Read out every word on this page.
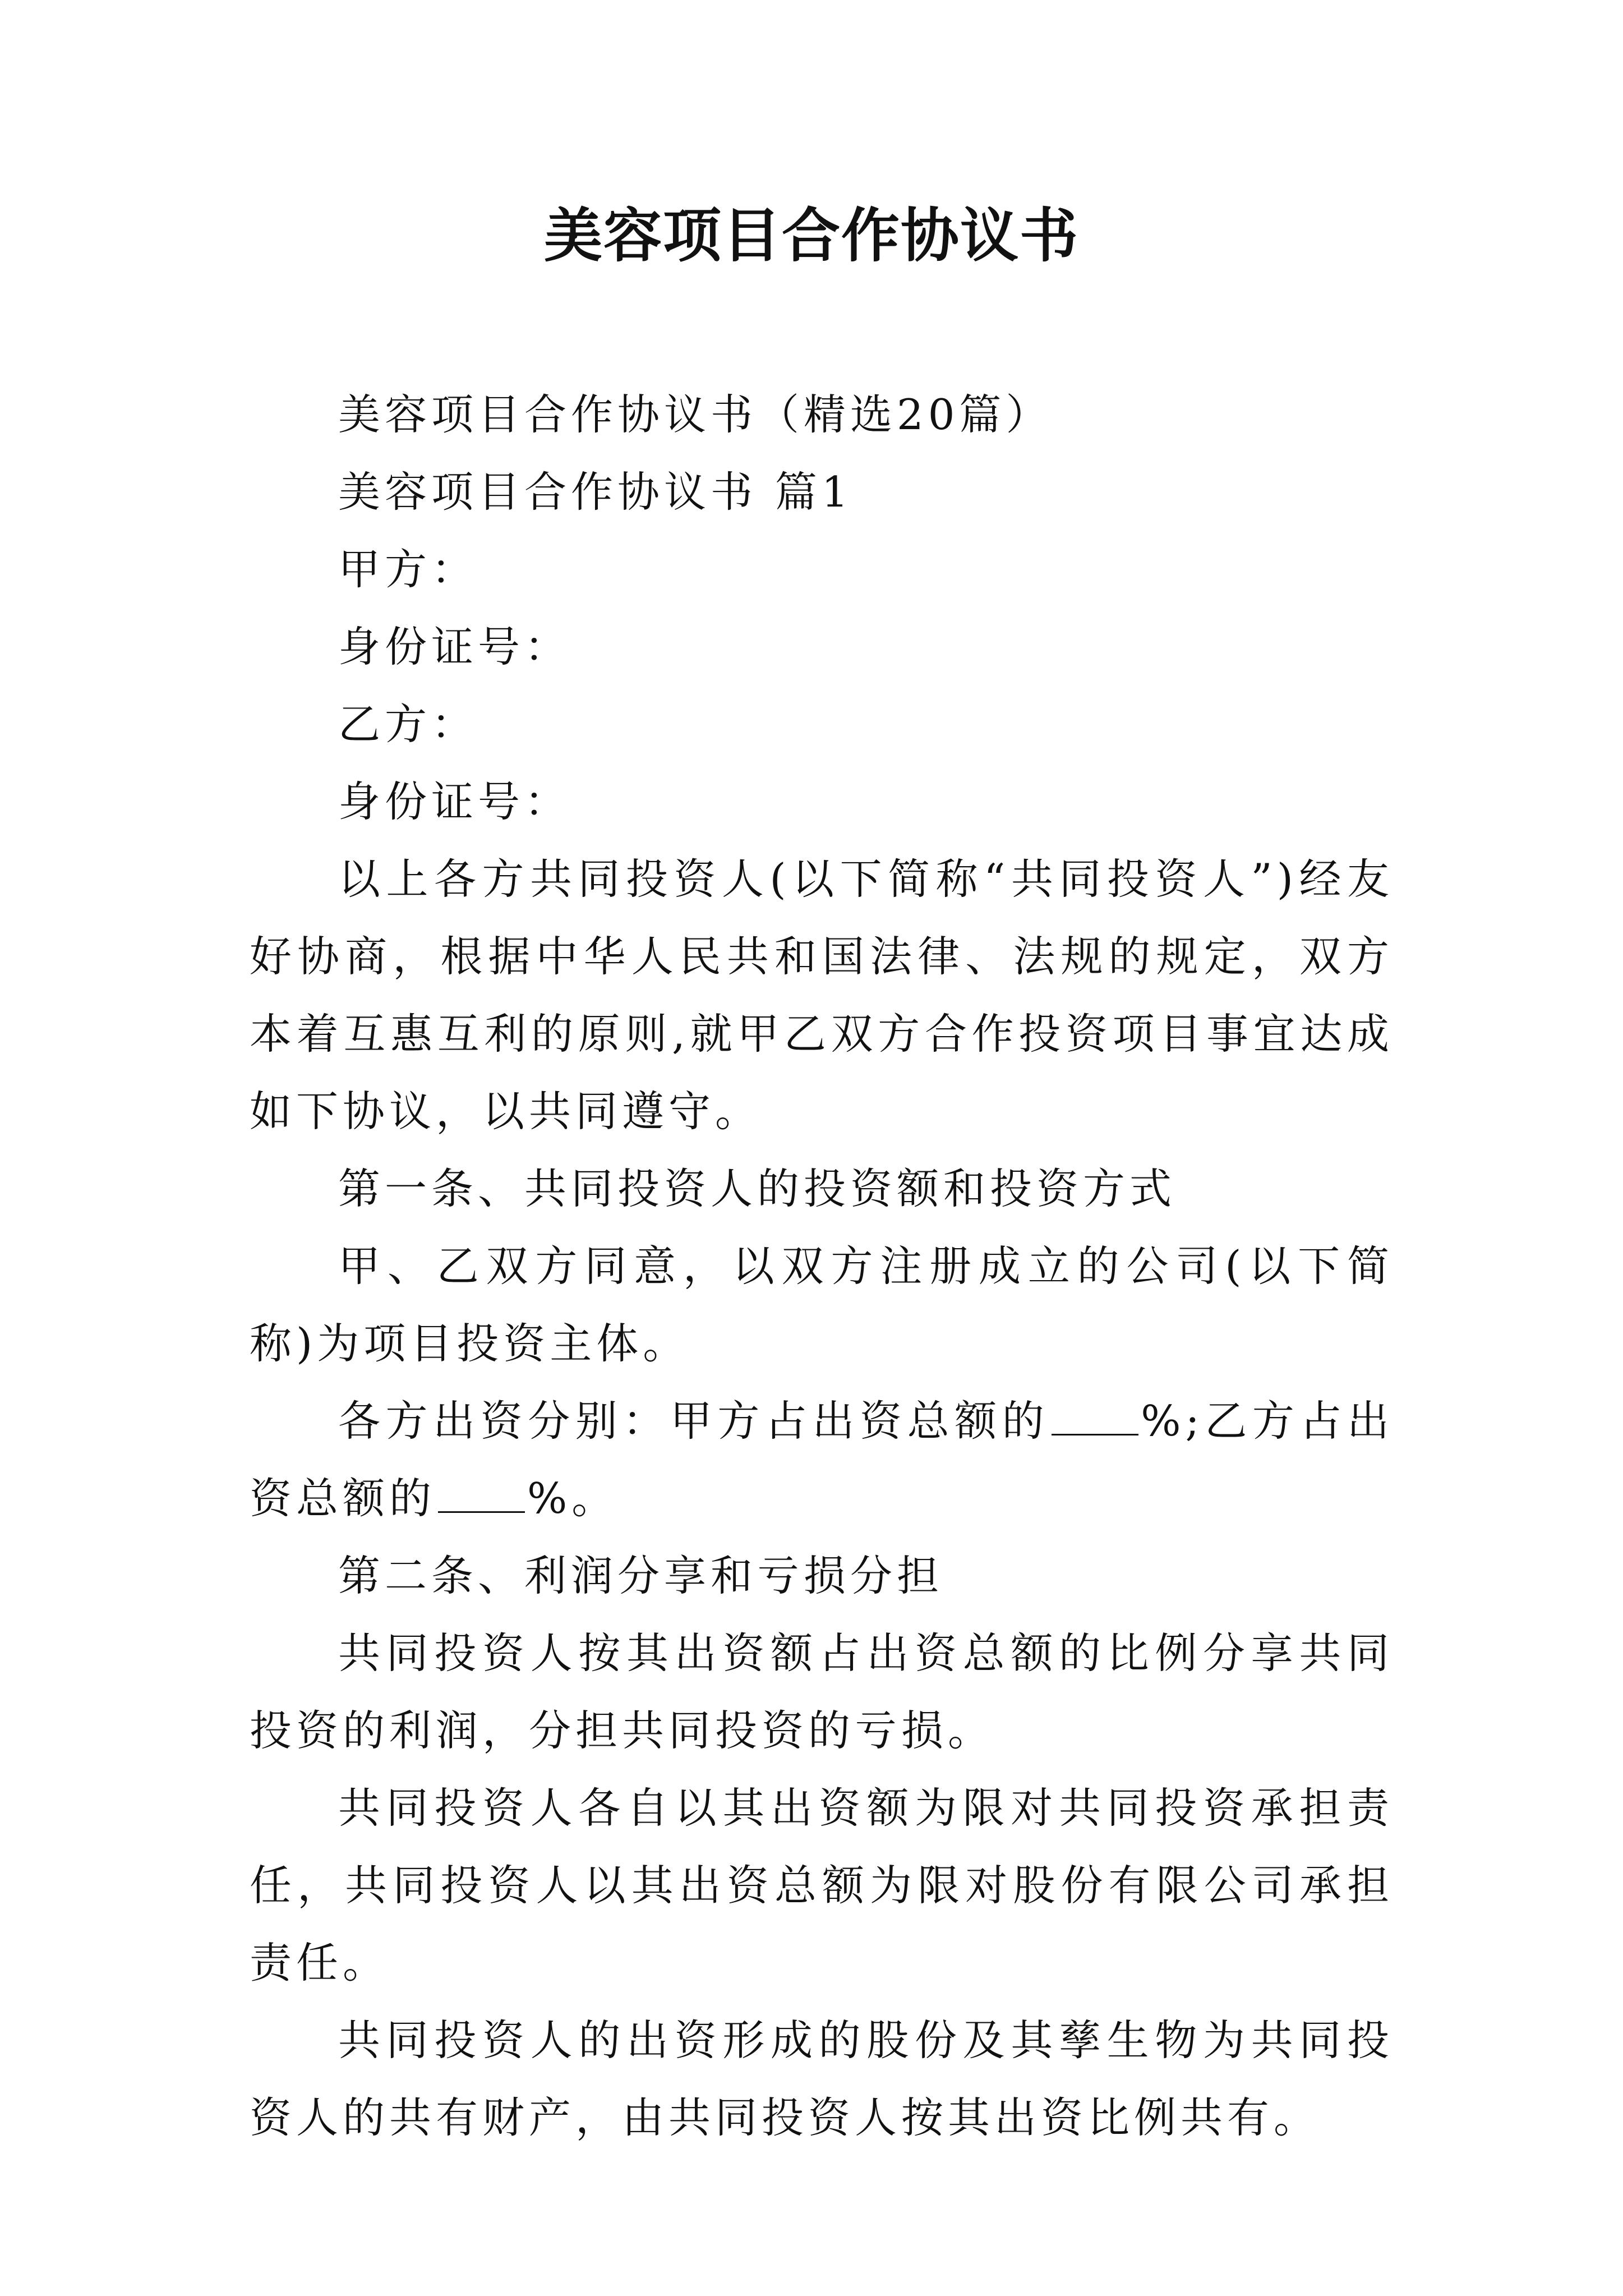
美容项目合作协议书

美容项目合作协议书（精选20篇）

美容项目合作协议书 篇1

甲方：

身份证号：

乙方：

身份证号：

以上各方共同投资人(以下简称“共同投资人”)经友好协商，根据中华人民共和国法律、法规的规定，双方本着互惠互利的原则,就甲乙双方合作投资项目事宜达成如下协议，以共同遵守。

第一条、共同投资人的投资额和投资方式

甲、乙双方同意，以双方注册成立的公司(以下简称)为项目投资主体。

各方出资分别：甲方占出资总额的 %;乙方占出资总额的 %。

第二条、利润分享和亏损分担

共同投资人按其出资额占出资总额的比例分享共同投资的利润，分担共同投资的亏损。

共同投资人各自以其出资额为限对共同投资承担责任，共同投资人以其出资总额为限对股份有限公司承担责任。

共同投资人的出资形成的股份及其孳生物为共同投资人的共有财产，由共同投资人按其出资比例共有。
